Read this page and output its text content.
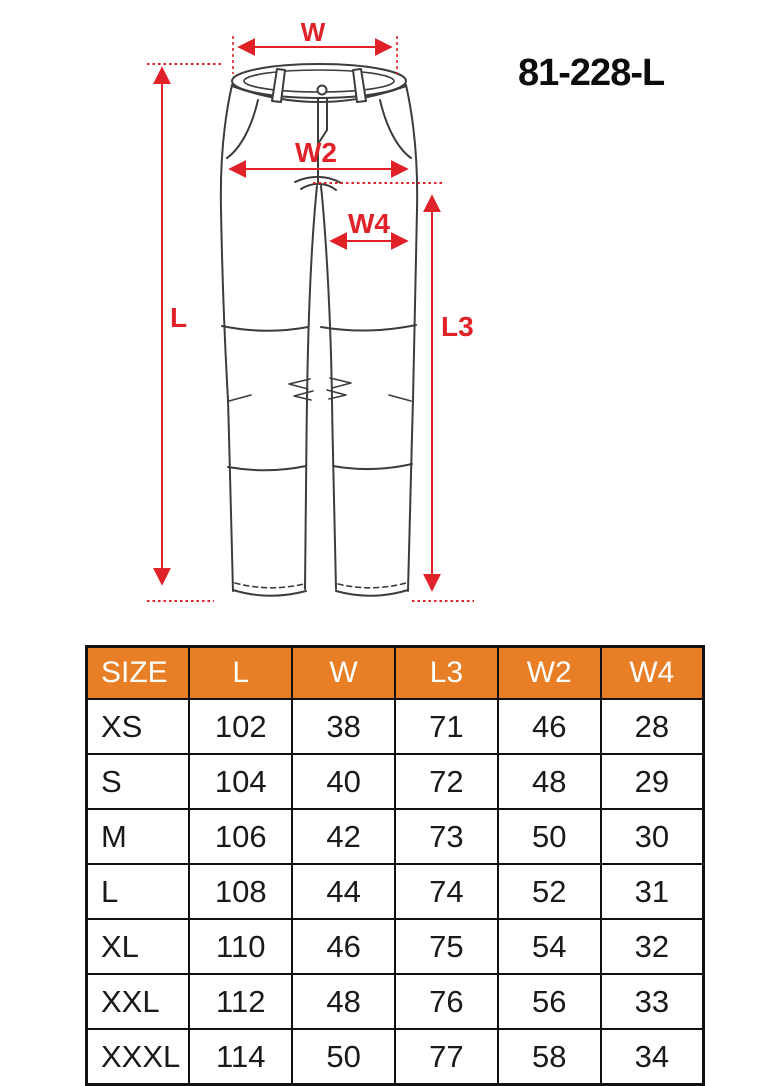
W
W2
W4
L	L3
81-228-L
SIZE	L	W	L3	W2	W4
XS	102	38	71	46	28
S	104	40	72	48	29
M	106	42	73	50	30
L	108	44	74	52	31
XL	110	46	75	54	32
XXL	112	48	76	56	33
XXXL	114	50	77	58	34
